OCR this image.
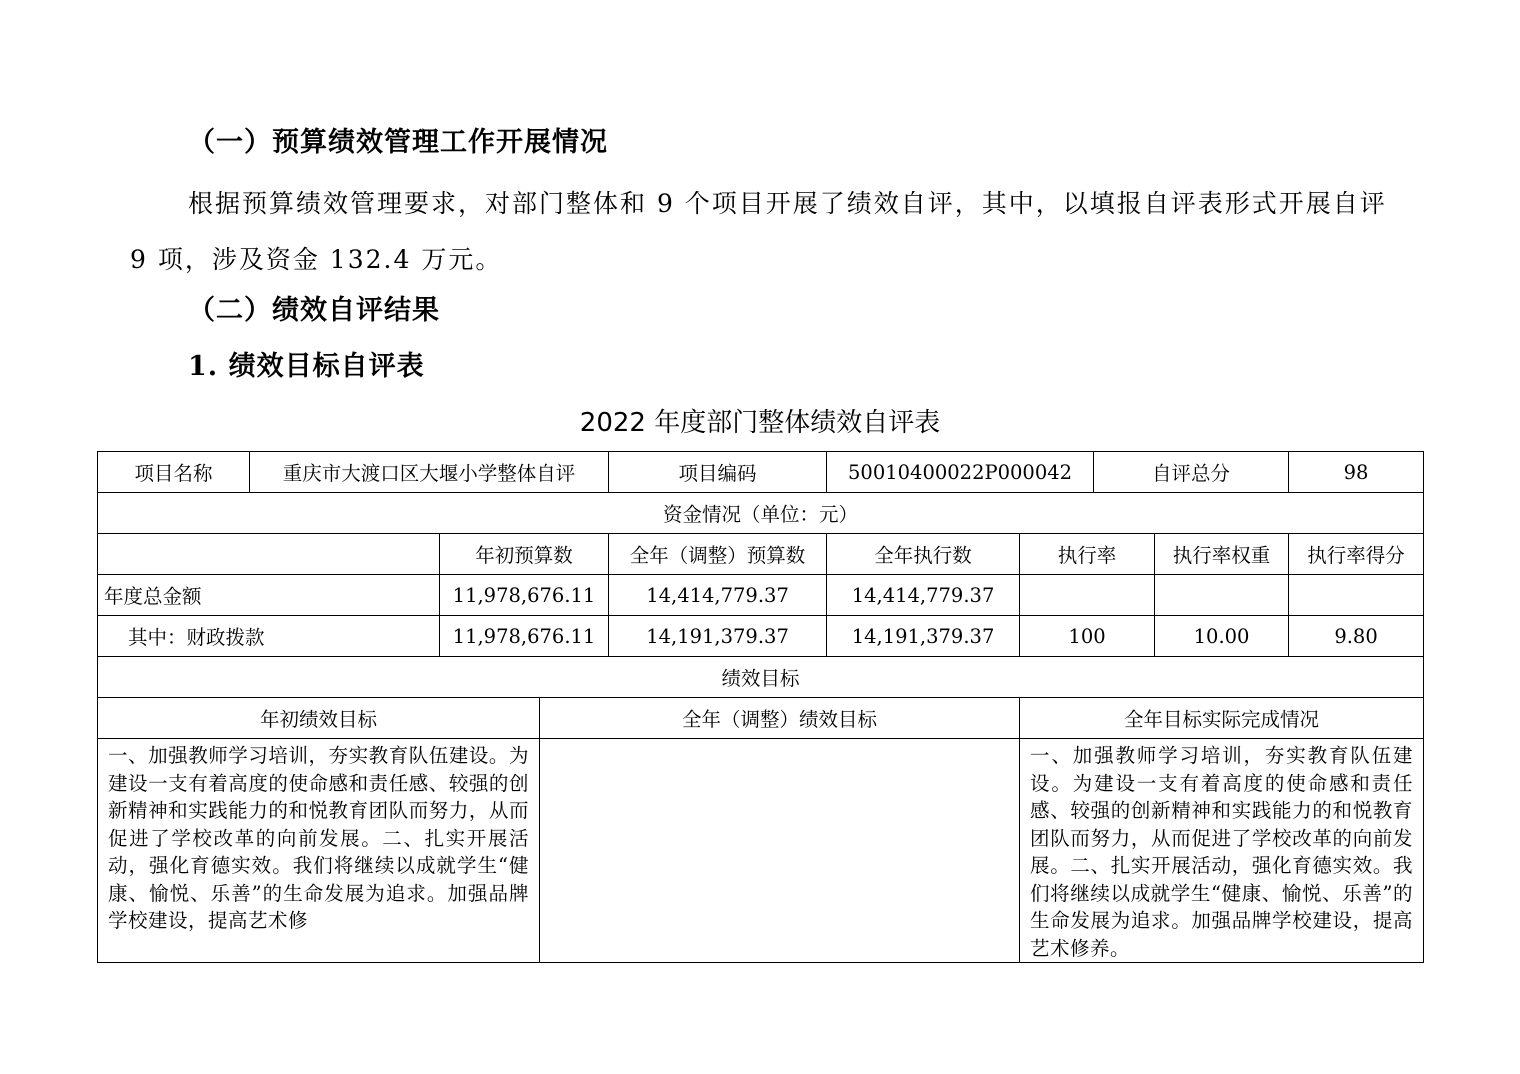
（一）预算绩效管理工作开展情况
根据预算绩效管理要求，对部门整体和 9 个项目开展了绩效自评，其中，以填报自评表形式开展自评 9 项，涉及资金 132.4 万元。
（二）绩效自评结果
1. 绩效目标自评表
2022 年度部门整体绩效自评表
项目名称	重庆市大渡口区大堰小学整体自评			项目编码	50010400022P000042		自评总分		98
资金情况（单位：元）									
		年初预算数		全年（调整）预算数	全年执行数	执行率		执行率权重	执行率得分
年度总金额		11,978,676.11		14,414,779.37	14,414,779.37				
其中：财政拨款		11,978,676.11		14,191,379.37	14,191,379.37	100		10.00	9.80
绩效目标									
年初绩效目标			全年（调整）绩效目标			全年目标实际完成情况			
一、加强教师学习培训，夯实教育队伍建设。为建设一支有着高度的使命感和责任感、较强的创新精神和实践能力的和悦教育团队而努力，从而促进了学校改革的向前发展。二、扎实开展活动，强化育德实效。我们将继续以成就学生“健康、愉悦、乐善”的生命发展为追求。加强品牌学校建设，提高艺术修						一、加强教师学习培训，夯实教育队伍建设。为建设一支有着高度的使命感和责任感、较强的创新精神和实践能力的和悦教育团队而努力，从而促进了学校改革的向前发展。二、扎实开展活动，强化育德实效。我们将继续以成就学生“健康、愉悦、乐善”的生命发展为追求。加强品牌学校建设，提高艺术修养。			
